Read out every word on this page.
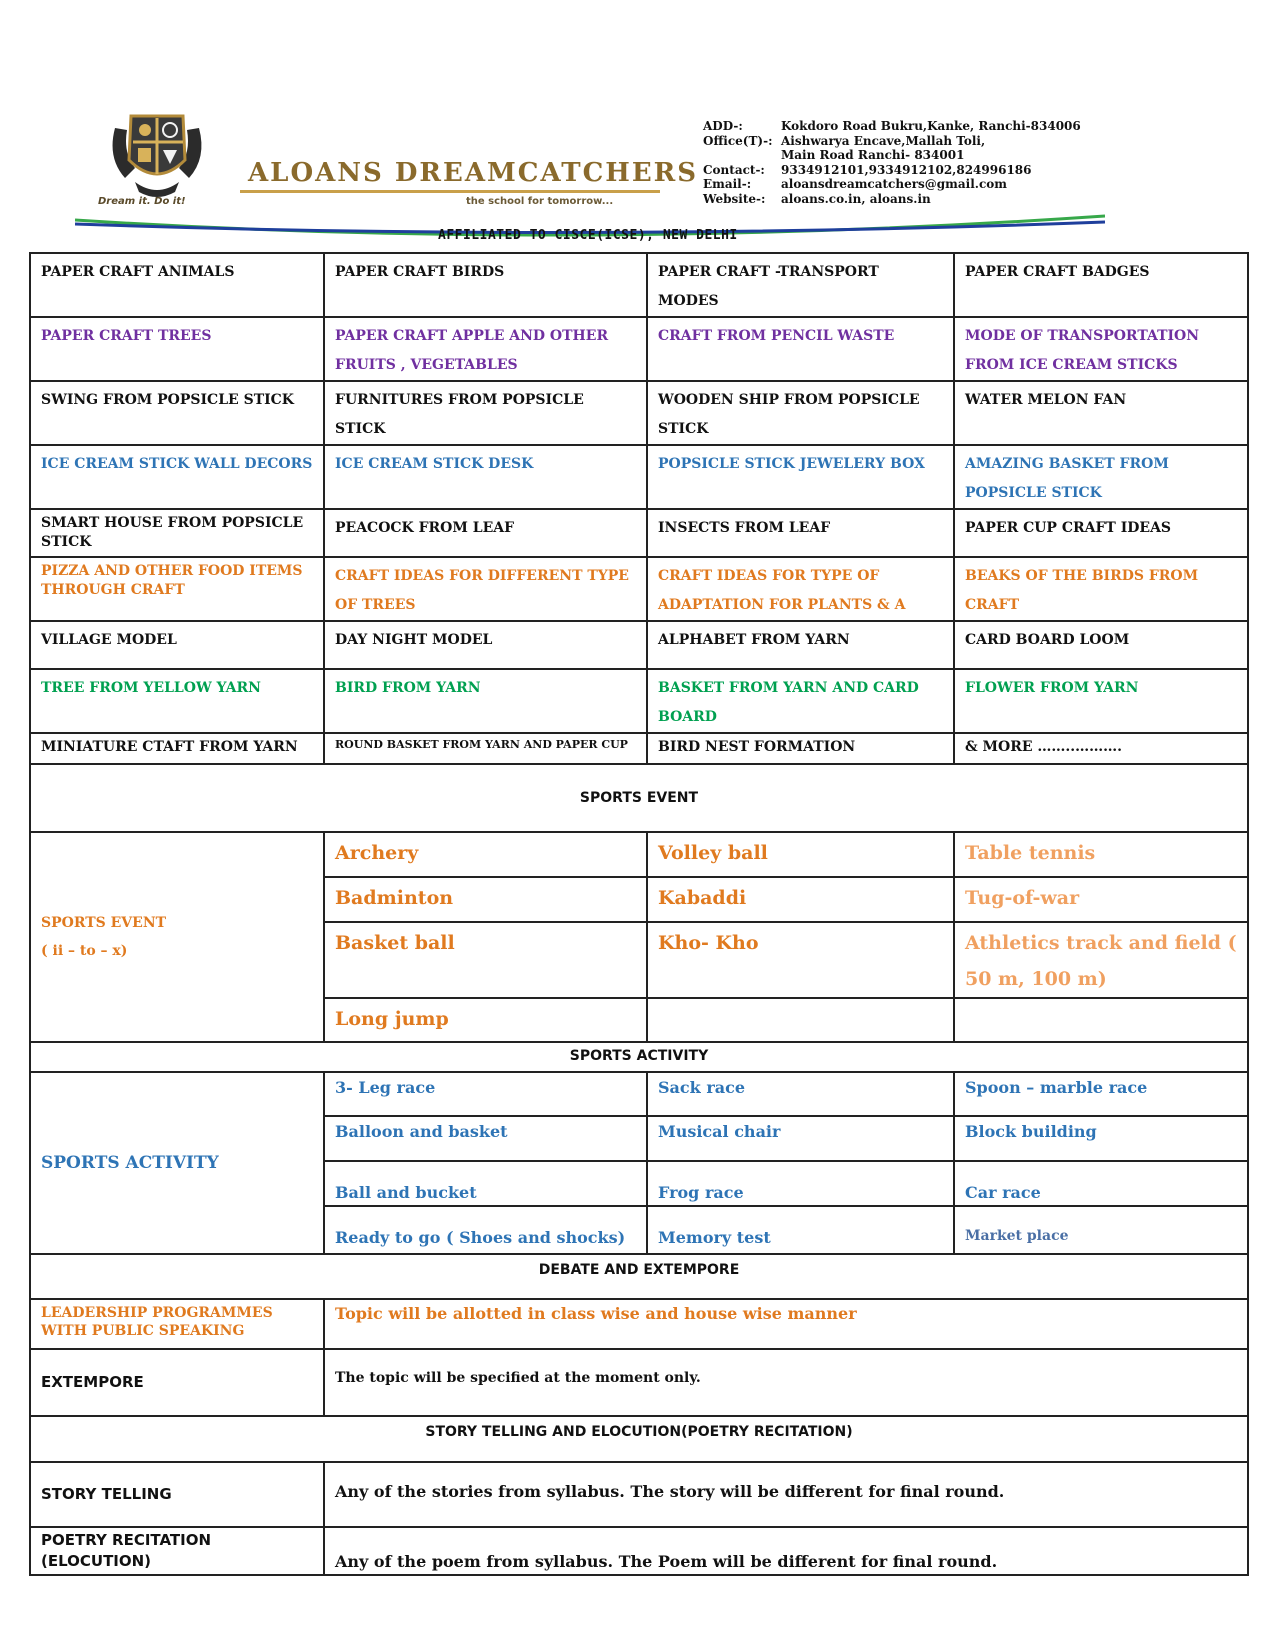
Dream it. Do it!
ALOANS DREAMCATCHERS
the school for tomorrow...
ADD-:	Kokdoro Road Bukru,Kanke, Ranchi-834006
Office(T)-: Aishwarya Encave,Mallah Toli,
Main Road Ranchi- 834001
Contact-:	9334912101,9334912102,824996186
Email-:	aloansdreamcatchers@gmail.com
Website-:	aloans.co.in, aloans.in
AFFILIATED TO CISCE(ICSE), NEW DELHI
PAPER CRAFT ANIMALS	PAPER CRAFT BIRDS	PAPER CRAFT -TRANSPORT MODES	PAPER CRAFT BADGES
PAPER CRAFT TREES	PAPER CRAFT APPLE AND OTHER FRUITS , VEGETABLES	CRAFT FROM PENCIL WASTE	MODE OF TRANSPORTATION FROM ICE CREAM STICKS
SWING FROM POPSICLE STICK	FURNITURES FROM POPSICLE STICK	WOODEN SHIP FROM POPSICLE STICK	WATER MELON FAN
ICE CREAM STICK WALL DECORS	ICE CREAM STICK DESK	POPSICLE STICK JEWELERY BOX	AMAZING BASKET FROM POPSICLE STICK
SMART HOUSE FROM POPSICLE STICK	PEACOCK FROM LEAF	INSECTS FROM LEAF	PAPER CUP CRAFT IDEAS
PIZZA AND OTHER FOOD ITEMS THROUGH CRAFT	CRAFT IDEAS FOR DIFFERENT TYPE OF TREES	CRAFT IDEAS FOR TYPE OF ADAPTATION FOR PLANTS & A	BEAKS OF THE BIRDS FROM CRAFT
VILLAGE MODEL	DAY NIGHT MODEL	ALPHABET FROM YARN	CARD BOARD LOOM
TREE FROM YELLOW YARN	BIRD FROM YARN	BASKET FROM YARN AND CARD BOARD	FLOWER FROM YARN
MINIATURE CTAFT FROM YARN	ROUND BASKET FROM YARN AND PAPER CUP	BIRD NEST FORMATION	& MORE ……..……….
SPORTS EVENT			

SPORTS EVENT
( ii – to – x)	Archery	Volley ball	Table tennis
	Badminton	Kabaddi	Tug-of-war
	Basket ball	Kho- Kho	Athletics track and field ( 50 m, 100 m)
	Long jump		
SPORTS ACTIVITY			
SPORTS ACTIVITY	3- Leg race	Sack race	Spoon – marble race
	Balloon and basket	Musical chair	Block building
	Ball and bucket	Frog race	Car race
	Ready to go ( Shoes and shocks)	Memory test	Market place
DEBATE AND EXTEMPORE			
LEADERSHIP PROGRAMMES WITH PUBLIC SPEAKING	Topic will be allotted in class wise and house wise manner		
EXTEMPORE	The topic will be specified at the moment only.		
STORY TELLING AND ELOCUTION(POETRY RECITATION)			
STORY TELLING	Any of the stories from syllabus. The story will be different for final round.		
POETRY RECITATION (ELOCUTION)	Any of the poem from syllabus. The Poem will be different for final round.		
